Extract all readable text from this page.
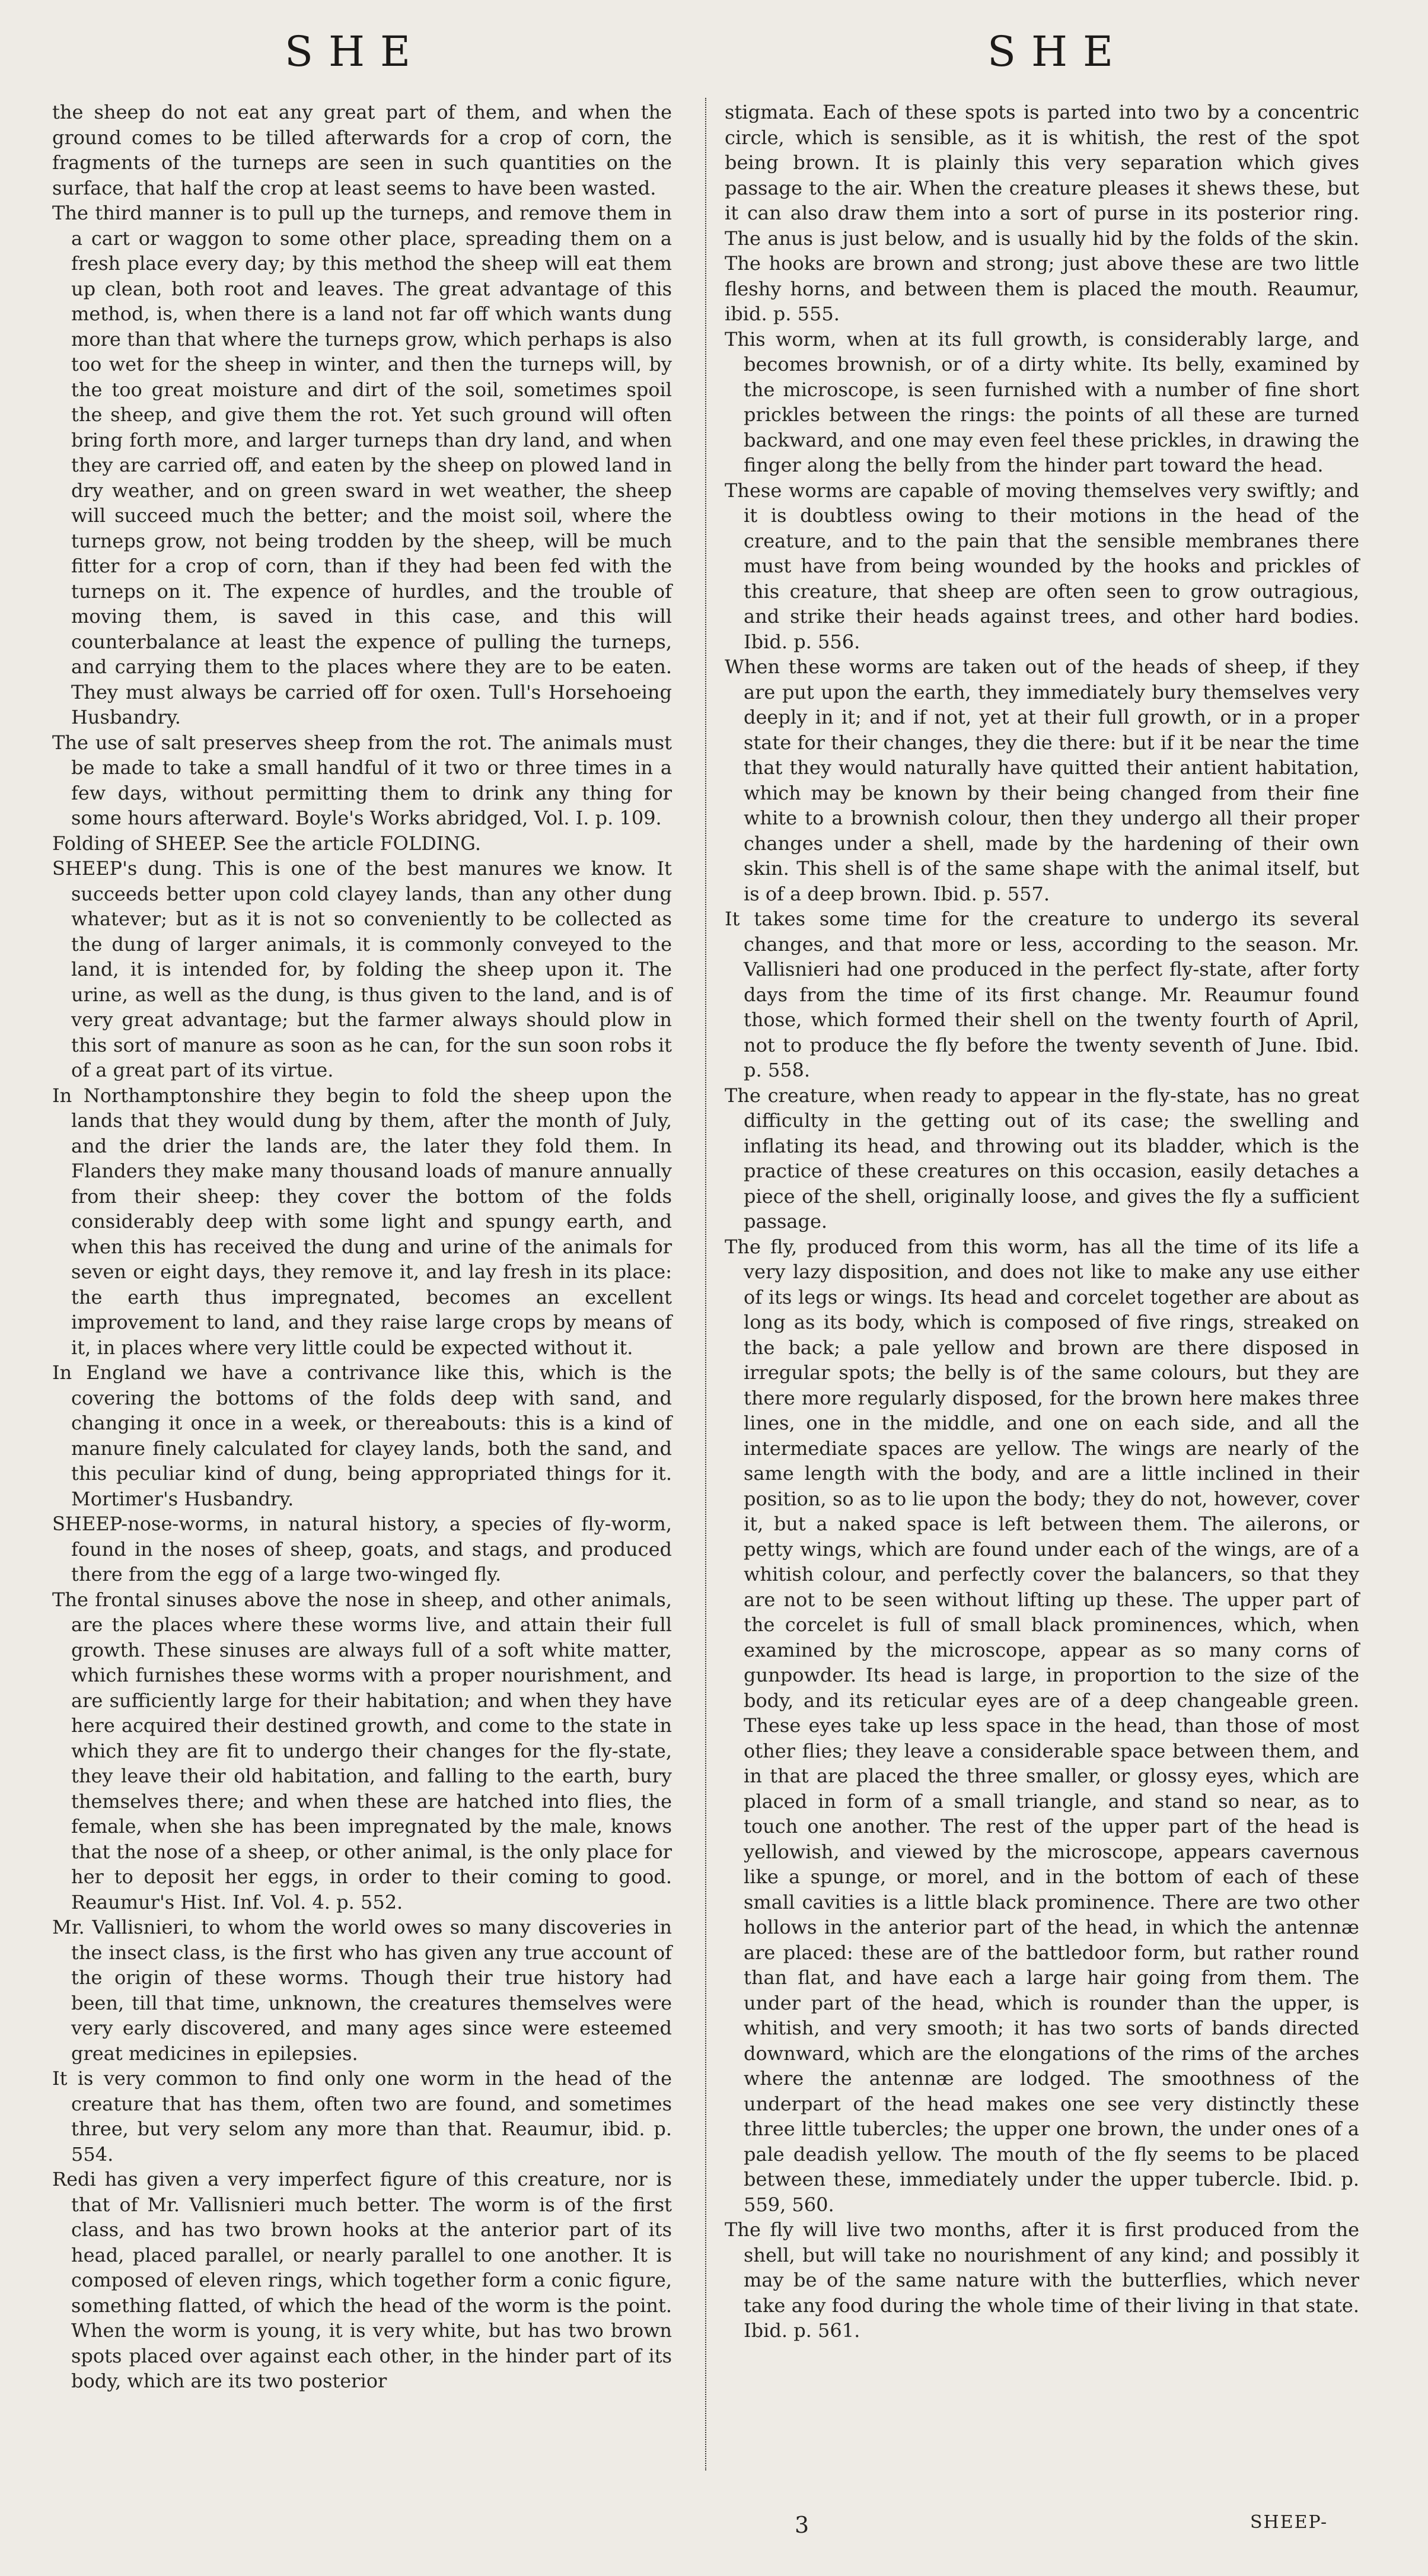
SHE	SHE

the sheep do not eat any great part of them, and when the ground comes to be tilled afterwards for a crop of corn, the fragments of the turneps are seen in such quantities on the surface, that half the crop at least seems to have been wasted.

The third manner is to pull up the turneps, and remove them in a cart or waggon to some other place, spreading them on a fresh place every day; by this method the sheep will eat them up clean, both root and leaves. The great advantage of this method, is, when there is a land not far off which wants dung more than that where the turneps grow, which perhaps is also too wet for the sheep in winter, and then the turneps will, by the too great moisture and dirt of the soil, sometimes spoil the sheep, and give them the rot. Yet such ground will often bring forth more, and larger turneps than dry land, and when they are carried off, and eaten by the sheep on plowed land in dry weather, and on green sward in wet weather, the sheep will succeed much the better; and the moist soil, where the turneps grow, not being trodden by the sheep, will be much fitter for a crop of corn, than if they had been fed with the turneps on it. The expence of hurdles, and the trouble of moving them, is saved in this case, and this will counterbalance at least the expence of pulling the turneps, and carrying them to the places where they are to be eaten. They must always be carried off for oxen. Tull's Horsehoeing Husbandry.

The use of salt preserves sheep from the rot. The animals must be made to take a small handful of it two or three times in a few days, without permitting them to drink any thing for some hours afterward. Boyle's Works abridged, Vol. I. p. 109.

Folding of SHEEP. See the article FOLDING.

SHEEP's dung. This is one of the best manures we know. It succeeds better upon cold clayey lands, than any other dung whatever; but as it is not so conveniently to be collected as the dung of larger animals, it is commonly conveyed to the land, it is intended for, by folding the sheep upon it. The urine, as well as the dung, is thus given to the land, and is of very great advantage; but the farmer always should plow in this sort of manure as soon as he can, for the sun soon robs it of a great part of its virtue.

In Northamptonshire they begin to fold the sheep upon the lands that they would dung by them, after the month of July, and the drier the lands are, the later they fold them. In Flanders they make many thousand loads of manure annually from their sheep: they cover the bottom of the folds considerably deep with some light and spungy earth, and when this has received the dung and urine of the animals for seven or eight days, they remove it, and lay fresh in its place: the earth thus impregnated, becomes an excellent improvement to land, and they raise large crops by means of it, in places where very little could be expected without it.

In England we have a contrivance like this, which is the covering the bottoms of the folds deep with sand, and changing it once in a week, or thereabouts: this is a kind of manure finely calculated for clayey lands, both the sand, and this peculiar kind of dung, being appropriated things for it. Mortimer's Husbandry.

SHEEP-nose-worms, in natural history, a species of fly-worm, found in the noses of sheep, goats, and stags, and produced there from the egg of a large two-winged fly.

The frontal sinuses above the nose in sheep, and other animals, are the places where these worms live, and attain their full growth. These sinuses are always full of a soft white matter, which furnishes these worms with a proper nourishment, and are sufficiently large for their habitation; and when they have here acquired their destined growth, and come to the state in which they are fit to undergo their changes for the fly-state, they leave their old habitation, and falling to the earth, bury themselves there; and when these are hatched into flies, the female, when she has been impregnated by the male, knows that the nose of a sheep, or other animal, is the only place for her to deposit her eggs, in order to their coming to good. Reaumur's Hist. Inf. Vol. 4. p. 552.

Mr. Vallisnieri, to whom the world owes so many discoveries in the insect class, is the first who has given any true account of the origin of these worms. Though their true history had been, till that time, unknown, the creatures themselves were very early discovered, and many ages since were esteemed great medicines in epilepsies.

It is very common to find only one worm in the head of the creature that has them, often two are found, and sometimes three, but very selom any more than that. Reaumur, ibid. p. 554.

Redi has given a very imperfect figure of this creature, nor is that of Mr. Vallisnieri much better. The worm is of the first class, and has two brown hooks at the anterior part of its head, placed parallel, or nearly parallel to one another. It is composed of eleven rings, which together form a conic figure, something flatted, of which the head of the worm is the point. When the worm is young, it is very white, but has two brown spots placed over against each other, in the hinder part of its body, which are its two posterior

stigmata. Each of these spots is parted into two by a concentric circle, which is sensible, as it is whitish, the rest of the spot being brown. It is plainly this very separation which gives passage to the air. When the creature pleases it shews these, but it can also draw them into a sort of purse in its posterior ring. The anus is just below, and is usually hid by the folds of the skin. The hooks are brown and strong; just above these are two little fleshy horns, and between them is placed the mouth. Reaumur, ibid. p. 555.

This worm, when at its full growth, is considerably large, and becomes brownish, or of a dirty white. Its belly, examined by the microscope, is seen furnished with a number of fine short prickles between the rings: the points of all these are turned backward, and one may even feel these prickles, in drawing the finger along the belly from the hinder part toward the head.

These worms are capable of moving themselves very swiftly; and it is doubtless owing to their motions in the head of the creature, and to the pain that the sensible membranes there must have from being wounded by the hooks and prickles of this creature, that sheep are often seen to grow outragious, and strike their heads against trees, and other hard bodies. Ibid. p. 556.

When these worms are taken out of the heads of sheep, if they are put upon the earth, they immediately bury themselves very deeply in it; and if not, yet at their full growth, or in a proper state for their changes, they die there: but if it be near the time that they would naturally have quitted their antient habitation, which may be known by their being changed from their fine white to a brownish colour, then they undergo all their proper changes under a shell, made by the hardening of their own skin. This shell is of the same shape with the animal itself, but is of a deep brown. Ibid. p. 557.

It takes some time for the creature to undergo its several changes, and that more or less, according to the season. Mr. Vallisnieri had one produced in the perfect fly-state, after forty days from the time of its first change. Mr. Reaumur found those, which formed their shell on the twenty fourth of April, not to produce the fly before the twenty seventh of June. Ibid. p. 558.

The creature, when ready to appear in the fly-state, has no great difficulty in the getting out of its case; the swelling and inflating its head, and throwing out its bladder, which is the practice of these creatures on this occasion, easily detaches a piece of the shell, originally loose, and gives the fly a sufficient passage.

The fly, produced from this worm, has all the time of its life a very lazy disposition, and does not like to make any use either of its legs or wings. Its head and corcelet together are about as long as its body, which is composed of five rings, streaked on the back; a pale yellow and brown are there disposed in irregular spots; the belly is of the same colours, but they are there more regularly disposed, for the brown here makes three lines, one in the middle, and one on each side, and all the intermediate spaces are yellow. The wings are nearly of the same length with the body, and are a little inclined in their position, so as to lie upon the body; they do not, however, cover it, but a naked space is left between them. The ailerons, or petty wings, which are found under each of the wings, are of a whitish colour, and perfectly cover the balancers, so that they are not to be seen without lifting up these. The upper part of the corcelet is full of small black prominences, which, when examined by the microscope, appear as so many corns of gunpowder. Its head is large, in proportion to the size of the body, and its reticular eyes are of a deep changeable green. These eyes take up less space in the head, than those of most other flies; they leave a considerable space between them, and in that are placed the three smaller, or glossy eyes, which are placed in form of a small triangle, and stand so near, as to touch one another. The rest of the upper part of the head is yellowish, and viewed by the microscope, appears cavernous like a spunge, or morel, and in the bottom of each of these small cavities is a little black prominence. There are two other hollows in the anterior part of the head, in which the antennæ are placed: these are of the battledoor form, but rather round than flat, and have each a large hair going from them. The under part of the head, which is rounder than the upper, is whitish, and very smooth; it has two sorts of bands directed downward, which are the elongations of the rims of the arches where the antennæ are lodged. The smoothness of the underpart of the head makes one see very distinctly these three little tubercles; the upper one brown, the under ones of a pale deadish yellow. The mouth of the fly seems to be placed between these, immediately under the upper tubercle. Ibid. p. 559, 560.

The fly will live two months, after it is first produced from the shell, but will take no nourishment of any kind; and possibly it may be of the same nature with the butterflies, which never take any food during the whole time of their living in that state. Ibid. p. 561.

3	SHEEP-
